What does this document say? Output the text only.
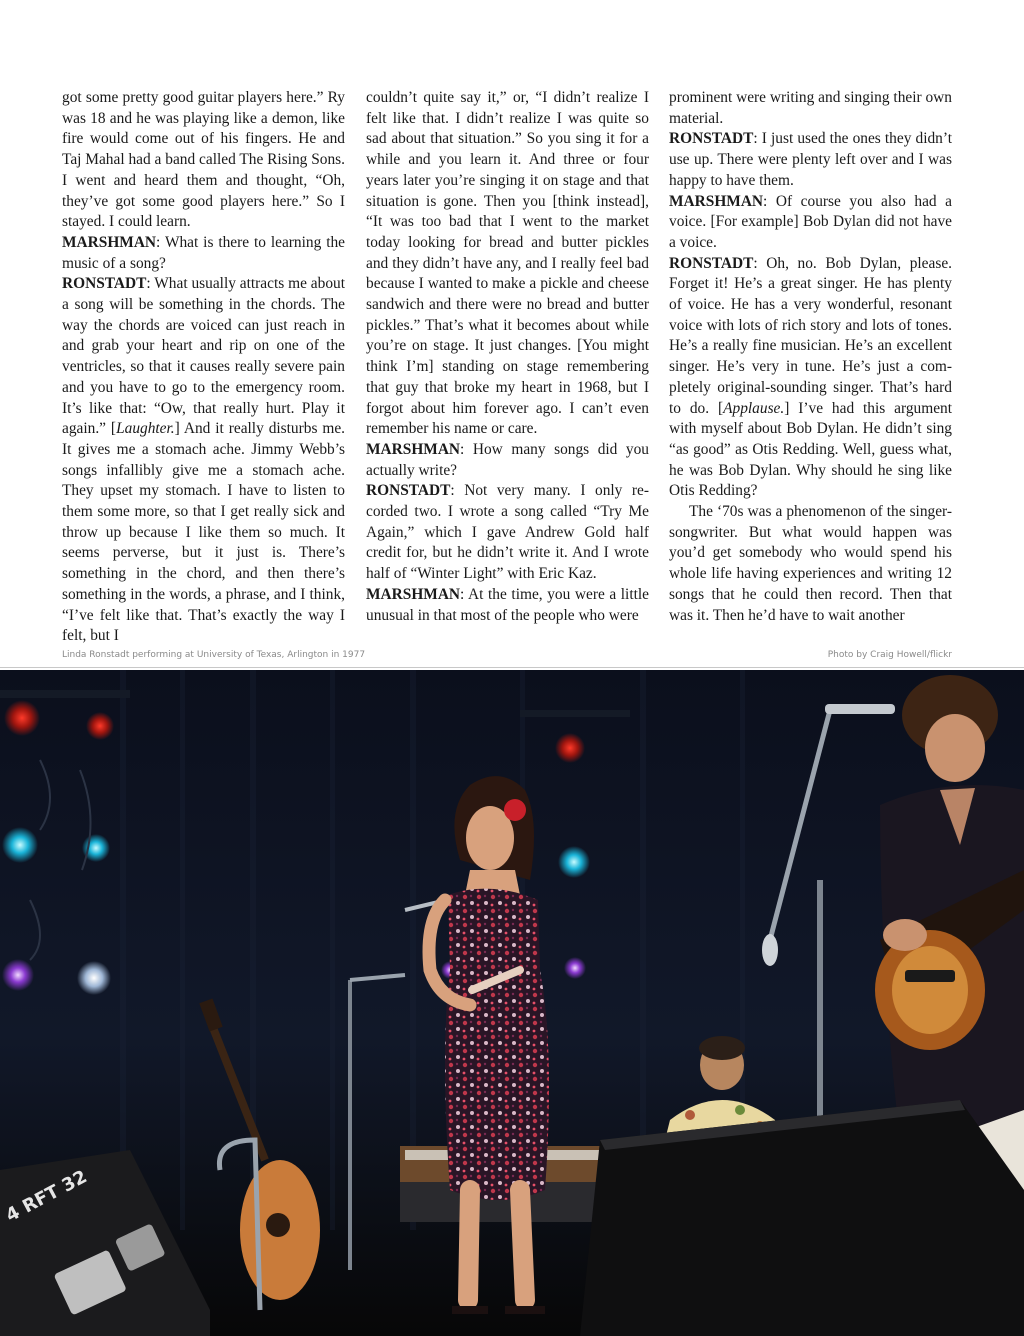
got some pretty good guitar players here.” Ry was 18 and he was playing like a demon, like fire would come out of his fingers. He and Taj Mahal had a band called The Rising Sons. I went and heard them and thought, “Oh, they’ve got some good players here.” So I stayed. I could learn.

MARSHMAN: What is there to learning the music of a song?

RONSTADT: What usually attracts me about a song will be something in the chords. The way the chords are voiced can just reach in and grab your heart and rip on one of the ventricles, so that it causes really severe pain and you have to go to the emergency room. It’s like that: “Ow, that really hurt. Play it again.” [Laughter.] And it really disturbs me. It gives me a stomach ache. Jimmy Webb’s songs infallibly give me a stomach ache. They upset my stomach. I have to listen to them some more, so that I get really sick and throw up because I like them so much. It seems perverse, but it just is. There’s something in the chord, and then there’s something in the words, a phrase, and I think, “I’ve felt like that. That’s exactly the way I felt, but I

couldn’t quite say it,” or, “I didn’t realize I felt like that. I didn’t realize I was quite so sad about that situation.” So you sing it for a while and you learn it. And three or four years later you’re singing it on stage and that situation is gone. Then you [think instead], “It was too bad that I went to the market today looking for bread and butter pickles and they didn’t have any, and I really feel bad because I wanted to make a pickle and cheese sandwich and there were no bread and butter pickles.” That’s what it becomes about while you’re on stage. It just changes. [You might think I’m] standing on stage remembering that guy that broke my heart in 1968, but I forgot about him forever ago. I can’t even remember his name or care.

MARSHMAN: How many songs did you actually write?

RONSTADT: Not very many. I only recorded two. I wrote a song called “Try Me Again,” which I gave Andrew Gold half credit for, but he didn’t write it. And I wrote half of “Winter Light” with Eric Kaz.

MARSHMAN: At the time, you were a little unusual in that most of the people who were

prominent were writing and singing their own material.

RONSTADT: I just used the ones they didn’t use up. There were plenty left over and I was happy to have them.

MARSHMAN: Of course you also had a voice. [For example] Bob Dylan did not have a voice.

RONSTADT: Oh, no. Bob Dylan, please. Forget it! He’s a great singer. He has plenty of voice. He has a very wonderful, resonant voice with lots of rich story and lots of tones. He’s a really fine musician. He’s an excellent singer. He’s very in tune. He’s just a completely original-sounding singer. That’s hard to do. [Applause.] I’ve had this argument with myself about Bob Dylan. He didn’t sing “as good” as Otis Redding. Well, guess what, he was Bob Dylan. Why should he sing like Otis Redding?

The ‘70s was a phenomenon of the singer-songwriter. But what would happen was you’d get somebody who would spend his whole life having experiences and writing 12 songs that he could then record. Then that was it. Then he’d have to wait another

Linda Ronstadt performing at University of Texas, Arlington in 1977	Photo by Craig Howell/flickr
4 RFT 32
